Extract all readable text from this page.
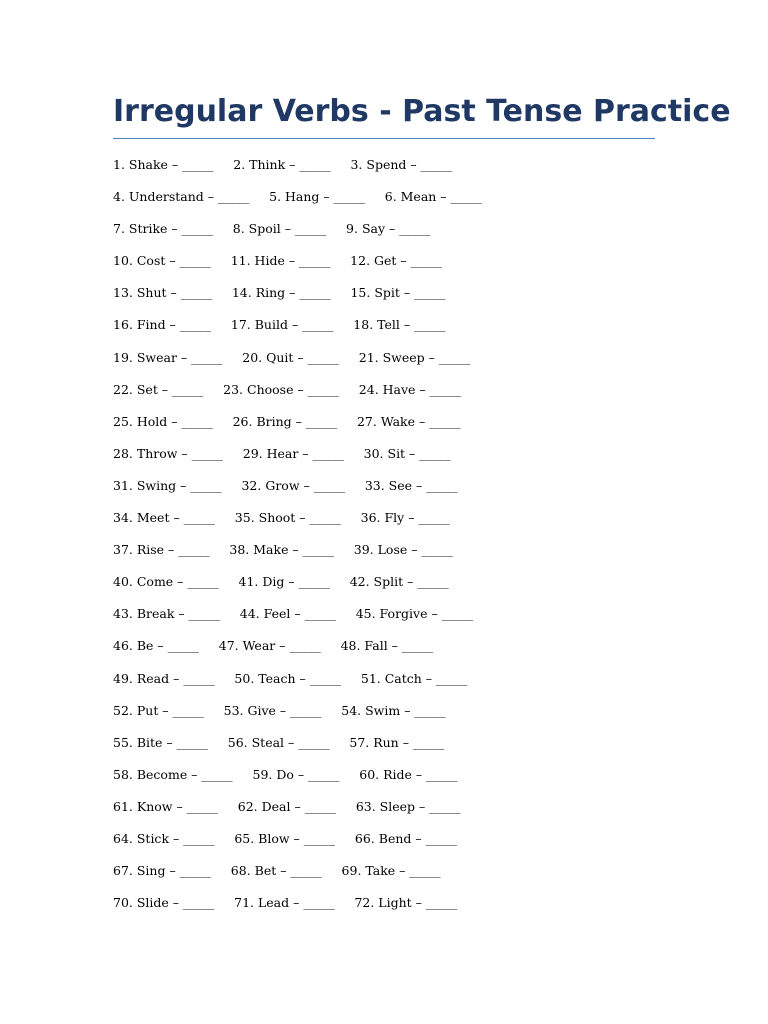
Irregular Verbs - Past Tense Practice
1. Shake – _____     2. Think – _____     3. Spend – _____
4. Understand – _____     5. Hang – _____     6. Mean – _____
7. Strike – _____     8. Spoil – _____     9. Say – _____
10. Cost – _____     11. Hide – _____     12. Get – _____
13. Shut – _____     14. Ring – _____     15. Spit – _____
16. Find – _____     17. Build – _____     18. Tell – _____
19. Swear – _____     20. Quit – _____     21. Sweep – _____
22. Set – _____     23. Choose – _____     24. Have – _____
25. Hold – _____     26. Bring – _____     27. Wake – _____
28. Throw – _____     29. Hear – _____     30. Sit – _____
31. Swing – _____     32. Grow – _____     33. See – _____
34. Meet – _____     35. Shoot – _____     36. Fly – _____
37. Rise – _____     38. Make – _____     39. Lose – _____
40. Come – _____     41. Dig – _____     42. Split – _____
43. Break – _____     44. Feel – _____     45. Forgive – _____
46. Be – _____     47. Wear – _____     48. Fall – _____
49. Read – _____     50. Teach – _____     51. Catch – _____
52. Put – _____     53. Give – _____     54. Swim – _____
55. Bite – _____     56. Steal – _____     57. Run – _____
58. Become – _____     59. Do – _____     60. Ride – _____
61. Know – _____     62. Deal – _____     63. Sleep – _____
64. Stick – _____     65. Blow – _____     66. Bend – _____
67. Sing – _____     68. Bet – _____     69. Take – _____
70. Slide – _____     71. Lead – _____     72. Light – _____
